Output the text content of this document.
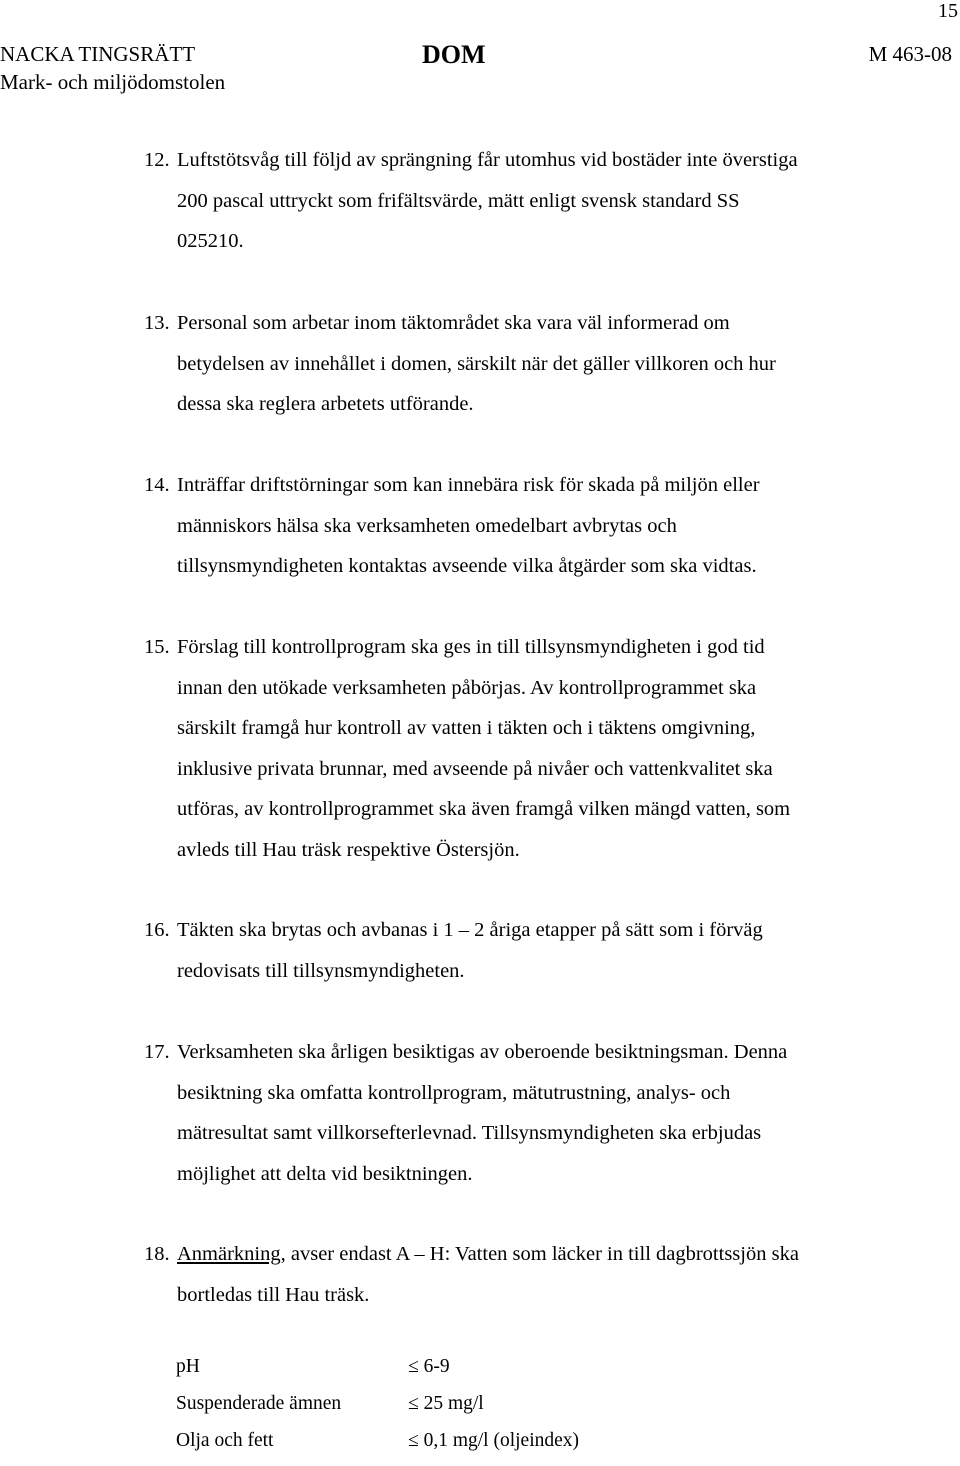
15
NACKA TINGSRÄTT
Mark- och miljödomstolen
DOM	M 463-08
12. Luftstötsvåg till följd av sprängning får utomhus vid bostäder inte överstiga
200 pascal uttryckt som frifältsvärde, mätt enligt svensk standard SS
025210.
13. Personal som arbetar inom täktområdet ska vara väl informerad om
betydelsen av innehållet i domen, särskilt när det gäller villkoren och hur
dessa ska reglera arbetets utförande.
14. Inträffar driftstörningar som kan innebära risk för skada på miljön eller
människors hälsa ska verksamheten omedelbart avbrytas och
tillsynsmyndigheten kontaktas avseende vilka åtgärder som ska vidtas.
15. Förslag till kontrollprogram ska ges in till tillsynsmyndigheten i god tid
innan den utökade verksamheten påbörjas. Av kontrollprogrammet ska
särskilt framgå hur kontroll av vatten i täkten och i täktens omgivning,
inklusive privata brunnar, med avseende på nivåer och vattenkvalitet ska
utföras, av kontrollprogrammet ska även framgå vilken mängd vatten, som
avleds till Hau träsk respektive Östersjön.
16. Täkten ska brytas och avbanas i 1 – 2 åriga etapper på sätt som i förväg
redovisats till tillsynsmyndigheten.
17. Verksamheten ska årligen besiktigas av oberoende besiktningsman. Denna
besiktning ska omfatta kontrollprogram, mätutrustning, analys- och
mätresultat samt villkorsefterlevnad. Tillsynsmyndigheten ska erbjudas
möjlighet att delta vid besiktningen.
18. Anmärkning, avser endast A – H: Vatten som läcker in till dagbrottssjön ska
bortledas till Hau träsk.
pH	≤ 6-9
Suspenderade ämnen	≤ 25 mg/l
Olja och fett	≤ 0,1 mg/l (oljeindex)
